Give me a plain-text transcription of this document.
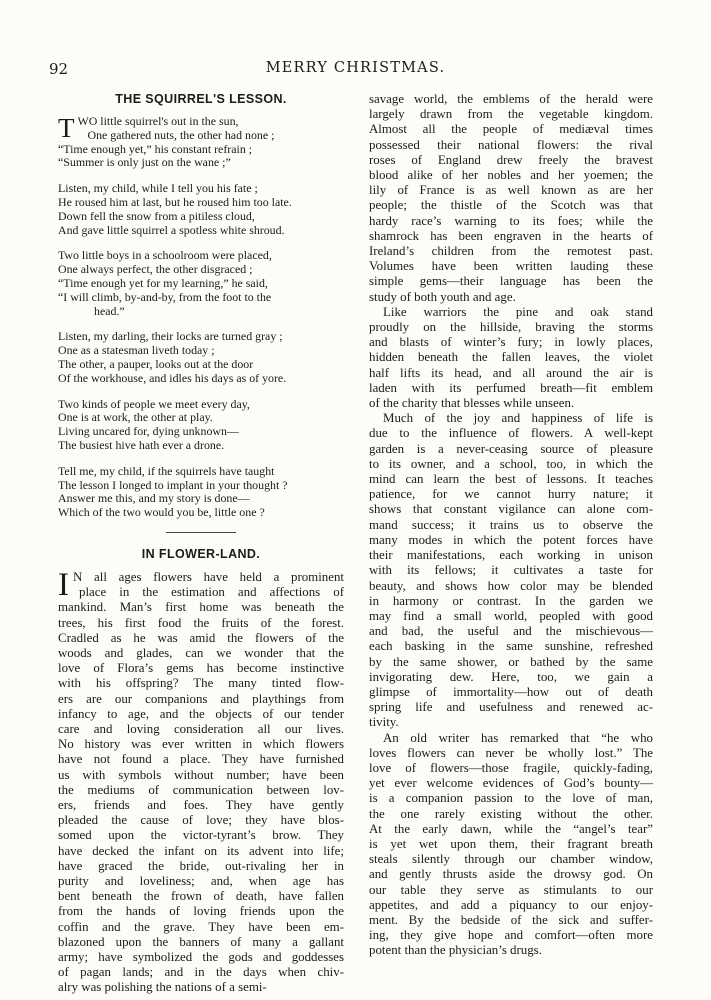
92	MERRY CHRISTMAS.
THE SQUIRREL'S LESSON.
T WO little squirrel's out in the sun,
One gathered nuts, the other had none ;
“Time enough yet,” his constant refrain ;
“Summer is only just on the wane ;”
Listen, my child, while I tell you his fate ;
He roused him at last, but he roused him too late.
Down fell the snow from a pitiless cloud,
And gave little squirrel a spotless white shroud.
Two little boys in a schoolroom were placed,
One always perfect, the other disgraced ;
“Time enough yet for my learning,” he said,
“I will climb, by-and-by, from the foot to the
head.”
Listen, my darling, their locks are turned gray ;
One as a statesman liveth today ;
The other, a pauper, looks out at the door
Of the workhouse, and idles his days as of yore.
Two kinds of people we meet every day,
One is at work, the other at play.
Living uncared for, dying unknown—
The busiest hive hath ever a drone.
Tell me, my child, if the squirrels have taught
The lesson I longed to implant in your thought ?
Answer me this, and my story is done—
Which of the two would you be, little one ?
IN FLOWER-LAND.
I N all ages flowers have held a prominent
place in the estimation and affections of
mankind. Man’s first home was beneath the
trees, his first food the fruits of the forest.
Cradled as he was amid the flowers of the
woods and glades, can we wonder that the
love of Flora’s gems has become instinctive
with his offspring? The many tinted flow-
ers are our companions and playthings from
infancy to age, and the objects of our tender
care and loving consideration all our lives.
No history was ever written in which flowers
have not found a place. They have furnished
us with symbols without number; have been
the mediums of communication between lov-
ers, friends and foes. They have gently
pleaded the cause of love; they have blos-
somed upon the victor-tyrant’s brow. They
have decked the infant on its advent into life;
have graced the bride, out-rivaling her in
purity and loveliness; and, when age has
bent beneath the frown of death, have fallen
from the hands of loving friends upon the
coffin and the grave. They have been em-
blazoned upon the banners of many a gallant
army; have symbolized the gods and goddesses
of pagan lands; and in the days when chiv-
alry was polishing the nations of a semi-
savage world, the emblems of the herald were
largely drawn from the vegetable kingdom.
Almost all the people of mediæval times
possessed their national flowers: the rival
roses of England drew freely the bravest
blood alike of her nobles and her yoemen; the
lily of France is as well known as are her
people; the thistle of the Scotch was that
hardy race’s warning to its foes; while the
shamrock has been engraven in the hearts of
Ireland’s children from the remotest past.
Volumes have been written lauding these
simple gems—their language has been the
study of both youth and age.
Like warriors the pine and oak stand
proudly on the hillside, braving the storms
and blasts of winter’s fury; in lowly places,
hidden beneath the fallen leaves, the violet
half lifts its head, and all around the air is
laden with its perfumed breath—fit emblem
of the charity that blesses while unseen.
Much of the joy and happiness of life is
due to the influence of flowers. A well-kept
garden is a never-ceasing source of pleasure
to its owner, and a school, too, in which the
mind can learn the best of lessons. It teaches
patience, for we cannot hurry nature; it
shows that constant vigilance can alone com-
mand success; it trains us to observe the
many modes in which the potent forces have
their manifestations, each working in unison
with its fellows; it cultivates a taste for
beauty, and shows how color may be blended
in harmony or contrast. In the garden we
may find a small world, peopled with good
and bad, the useful and the mischievous—
each basking in the same sunshine, refreshed
by the same shower, or bathed by the same
invigorating dew. Here, too, we gain a
glimpse of immortality—how out of death
spring life and usefulness and renewed ac-
tivity.
An old writer has remarked that “he who
loves flowers can never be wholly lost.” The
love of flowers—those fragile, quickly-fading,
yet ever welcome evidences of God’s bounty—
is a companion passion to the love of man,
the one rarely existing without the other.
At the early dawn, while the “angel’s tear”
is yet wet upon them, their fragrant breath
steals silently through our chamber window,
and gently thrusts aside the drowsy god. On
our table they serve as stimulants to our
appetites, and add a piquancy to our enjoy-
ment. By the bedside of the sick and suffer-
ing, they give hope and comfort—often more
potent than the physician’s drugs.
